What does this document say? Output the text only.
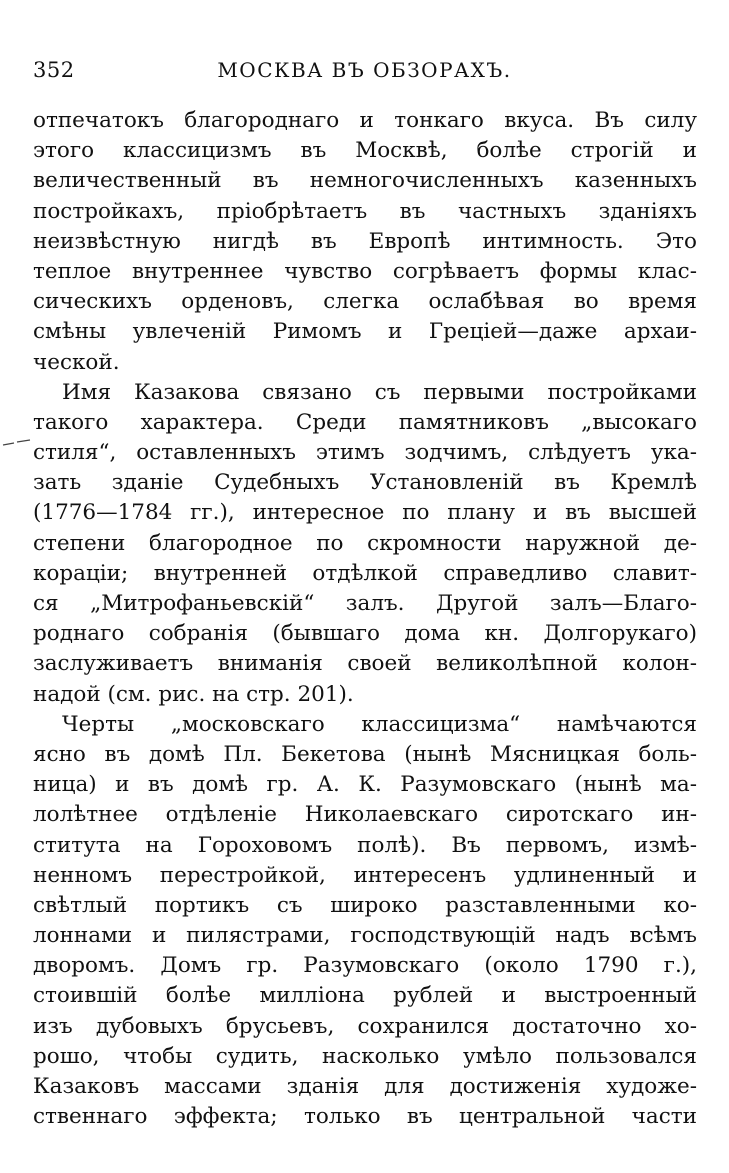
352	МОСКВА ВЪ ОБЗОРАХЪ.
отпечатокъ благороднаго и тонкаго вкуса. Въ силу
этого классицизмъ въ Москвѣ, болѣе строгій и
величественный въ немногочисленныхъ казенныхъ
постройкахъ, пріобрѣтаетъ въ частныхъ зданіяхъ
неизвѣстную нигдѣ въ Европѣ интимность. Это
теплое внутреннее чувство согрѣваетъ формы клас-
сическихъ орденовъ, слегка ослабѣвая во время
смѣны увлеченій Римомъ и Греціей—даже архаи-
ческой.
Имя Казакова связано съ первыми постройками
такого характера. Среди памятниковъ „высокаго
стиля“, оставленныхъ этимъ зодчимъ, слѣдуетъ ука-
зать зданіе Судебныхъ Установленій въ Кремлѣ
(1776—1784 гг.), интересное по плану и въ высшей
степени благородное по скромности наружной де-
кораціи; внутренней отдѣлкой справедливо славит-
ся „Митрофаньевскій“ залъ. Другой залъ—Благо-
роднаго собранія (бывшаго дома кн. Долгорукаго)
заслуживаетъ вниманія своей великолѣпной колон-
надой (см. рис. на стр. 201).
Черты „московскаго классицизма“ намѣчаются
ясно въ домѣ Пл. Бекетова (нынѣ Мясницкая боль-
ница) и въ домѣ гр. А. К. Разумовскаго (нынѣ ма-
лолѣтнее отдѣленіе Николаевскаго сиротскаго ин-
ститута на Гороховомъ полѣ). Въ первомъ, измѣ-
ненномъ перестройкой, интересенъ удлиненный и
свѣтлый портикъ съ широко разставленными ко-
лоннами и пилястрами, господствующій надъ всѣмъ
дворомъ. Домъ гр. Разумовскаго (около 1790 г.),
стоившій болѣе милліона рублей и выстроенный
изъ дубовыхъ брусьевъ, сохранился достаточно хо-
рошо, чтобы судить, насколько умѣло пользовался
Казаковъ массами зданія для достиженія художе-
ственнаго эффекта; только въ центральной части
